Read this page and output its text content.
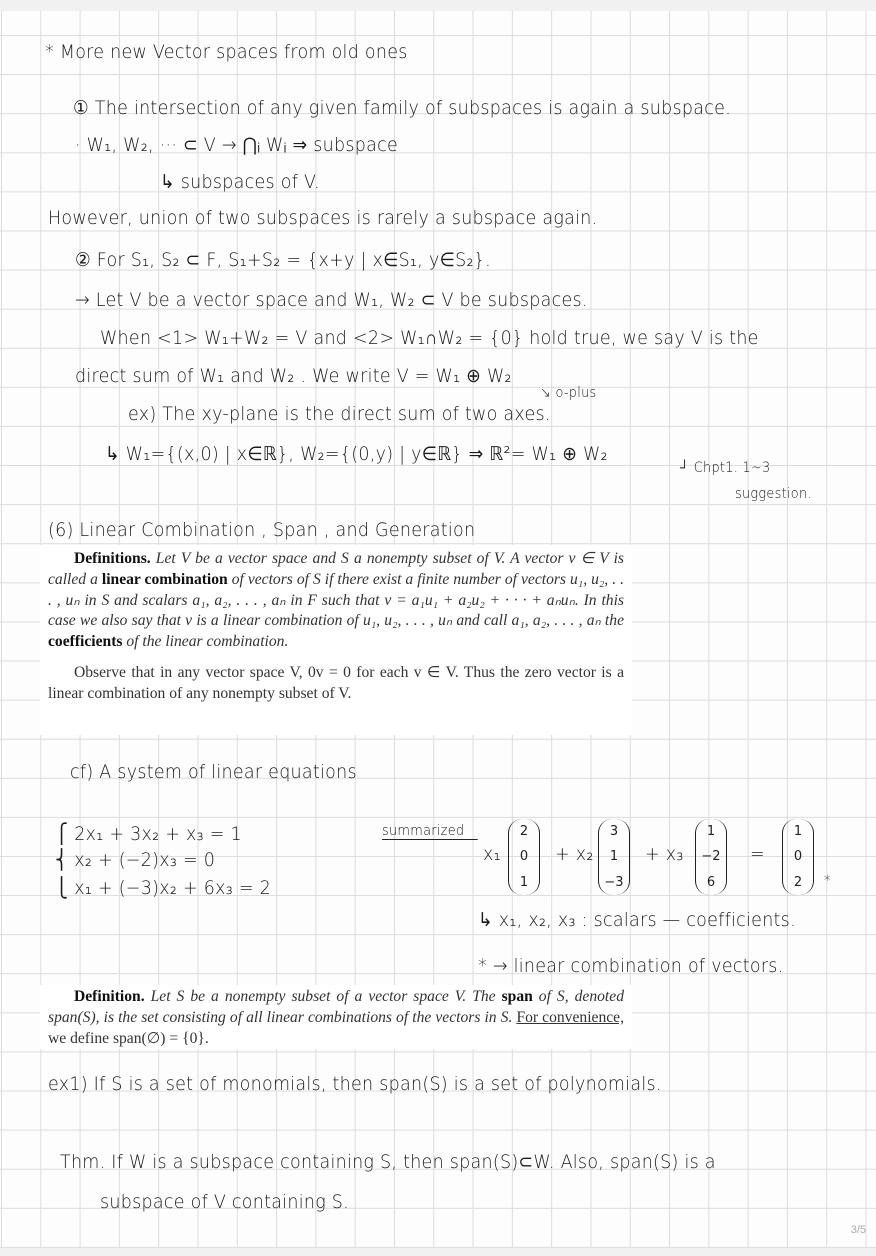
* More new Vector spaces from old ones
① The intersection of any given family of subspaces is again a subspace.
· W₁, W₂, ··· ⊂ V → ⋂ᵢ Wᵢ ⇒ subspace
↳ subspaces of V.
However, union of two subspaces is rarely a subspace again.
② For S₁, S₂ ⊂ F, S₁+S₂ = {x+y | x∈S₁, y∈S₂}.
→ Let V be a vector space and W₁, W₂ ⊂ V be subspaces.
When <1> W₁+W₂ = V and <2> W₁∩W₂ = {0} hold true, we say V is the
direct sum of W₁ and W₂ . We write V = W₁ ⊕ W₂
↘ o-plus
ex) The xy-plane is the direct sum of two axes.
↳ W₁={(x,0) | x∈ℝ}, W₂={(0,y) | y∈ℝ} ⇒ ℝ²= W₁ ⊕ W₂
┘ Chpt1. 1~3
suggestion.
(6) Linear Combination , Span , and Generation

Definitions. Let V be a vector space and S a nonempty subset of V. A vector v ∈ V is called a linear combination of vectors of S if there exist a finite number of vectors u₁, u₂, . . . , uₙ in S and scalars a₁, a₂, . . . , aₙ in F such that v = a₁u₁ + a₂u₂ + · · · + aₙuₙ. In this case we also say that v is a linear combination of u₁, u₂, . . . , uₙ and call a₁, a₂, . . . , aₙ the coefficients of the linear combination.

Observe that in any vector space V, 0v = 0 for each v ∈ V. Thus the zero vector is a linear combination of any nonempty subset of V.

cf) A system of linear equations
⎧ 2x₁ + 3x₂ + x₃ = 1
⎨ x₂ + (−2)x₃ = 0
⎩ x₁ + (−3)x₂ + 6x₃ = 2
summarized
x₁
2
0
1
+ x₂
3
1
−3
+ x₃
1
−2
6
=
1
0
2 *
↳ x₁, x₂, x₃ : scalars — coefficients.
* → linear combination of vectors.

Definition. Let S be a nonempty subset of a vector space V. The span of S, denoted span(S), is the set consisting of all linear combinations of the vectors in S. For convenience, we define span(∅) = {0}.

ex1) If S is a set of monomials, then span(S) is a set of polynomials.
Thm. If W is a subspace containing S, then span(S)⊂W. Also, span(S) is a
subspace of V containing S.
3/5
